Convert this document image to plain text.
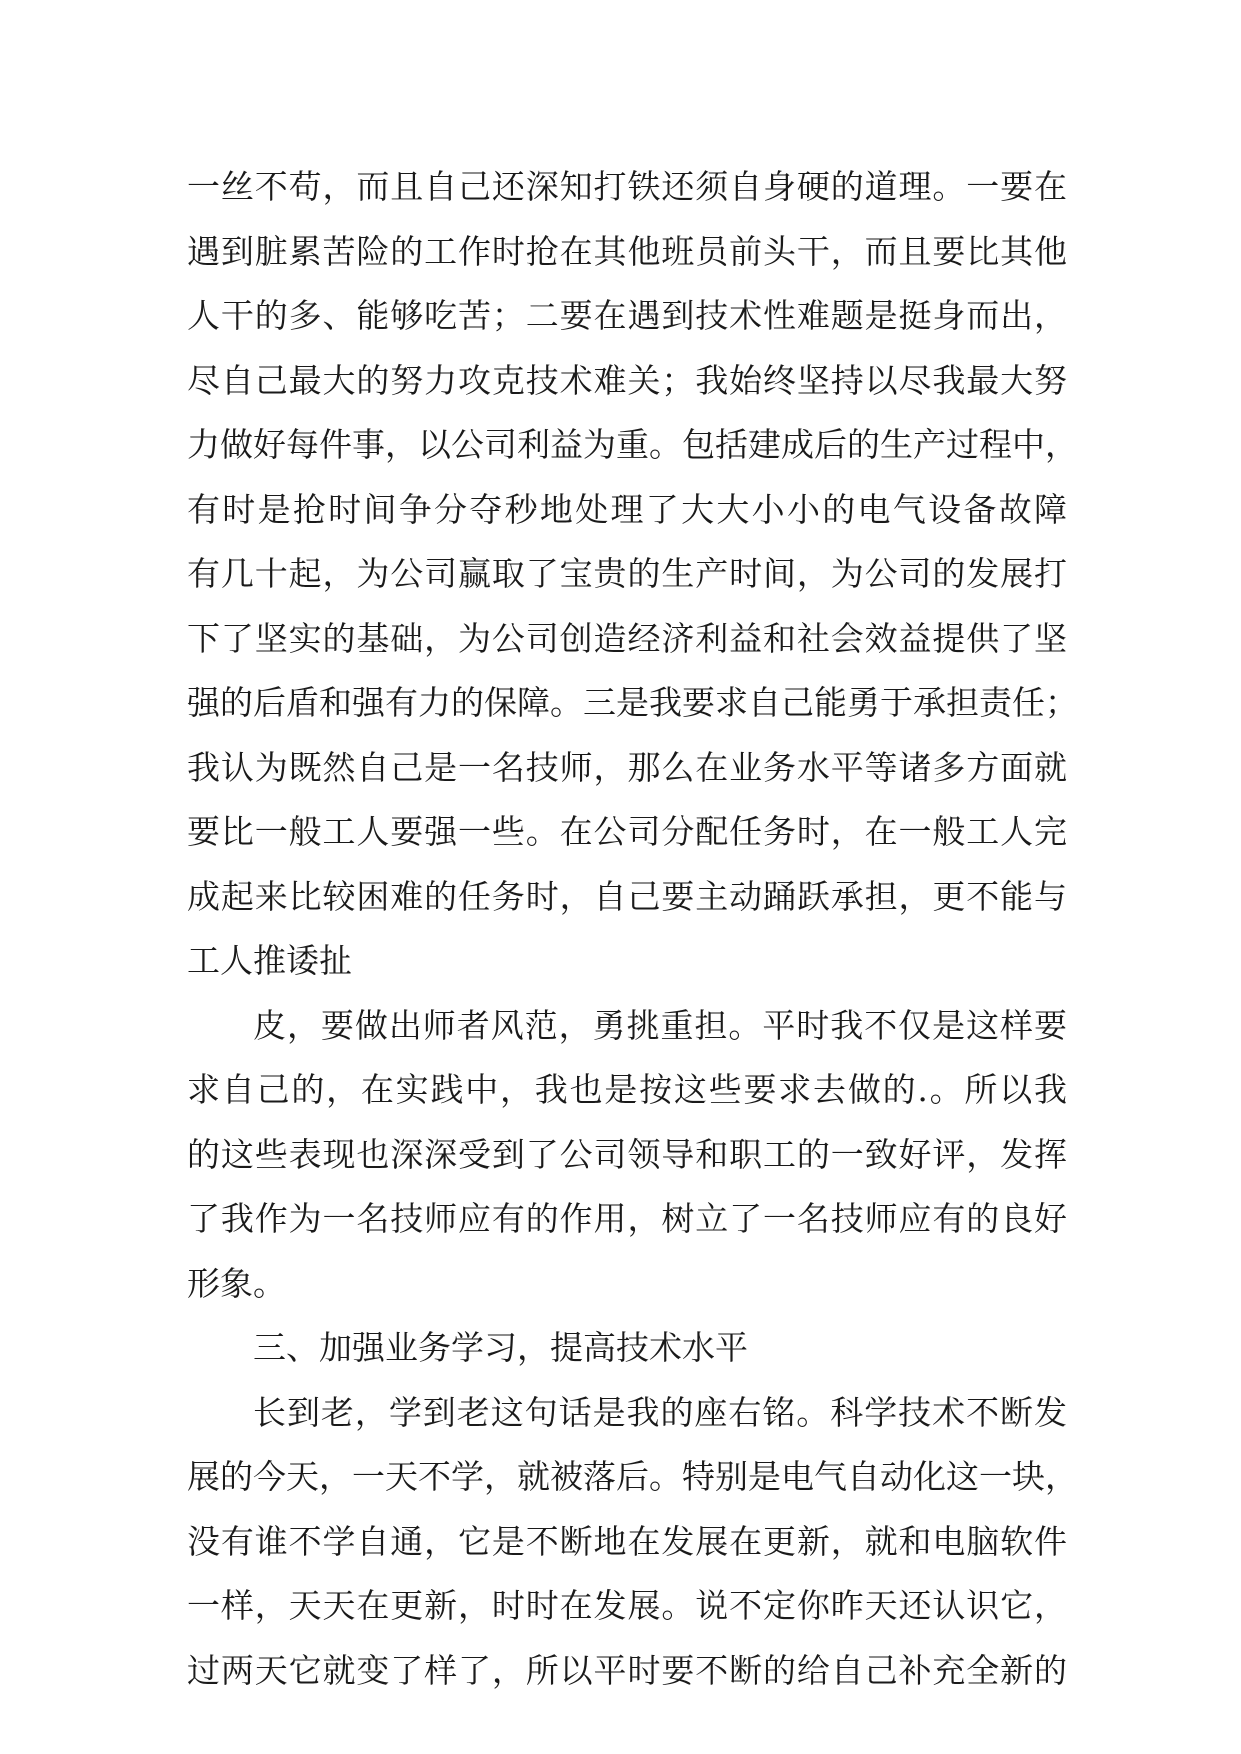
一丝不苟，而且自己还深知打铁还须自身硬的道理。一要在
遇到脏累苦险的工作时抢在其他班员前头干，而且要比其他
人干的多、能够吃苦；二要在遇到技术性难题是挺身而出，
尽自己最大的努力攻克技术难关；我始终坚持以尽我最大努
力做好每件事，以公司利益为重。包括建成后的生产过程中，
有时是抢时间争分夺秒地处理了大大小小的电气设备故障
有几十起，为公司赢取了宝贵的生产时间，为公司的发展打
下了坚实的基础，为公司创造经济利益和社会效益提供了坚
强的后盾和强有力的保障。三是我要求自己能勇于承担责任；
我认为既然自己是一名技师，那么在业务水平等诸多方面就
要比一般工人要强一些。在公司分配任务时，在一般工人完
成起来比较困难的任务时，自己要主动踊跃承担，更不能与
工人推诿扯
皮，要做出师者风范，勇挑重担。平时我不仅是这样要
求自己的，在实践中，我也是按这些要求去做的.。所以我
的这些表现也深深受到了公司领导和职工的一致好评，发挥
了我作为一名技师应有的作用，树立了一名技师应有的良好
形象。
三、加强业务学习，提高技术水平
长到老，学到老这句话是我的座右铭。科学技术不断发
展的今天，一天不学，就被落后。特别是电气自动化这一块，
没有谁不学自通，它是不断地在发展在更新，就和电脑软件
一样，天天在更新，时时在发展。说不定你昨天还认识它，
过两天它就变了样了，所以平时要不断的给自己补充全新的
